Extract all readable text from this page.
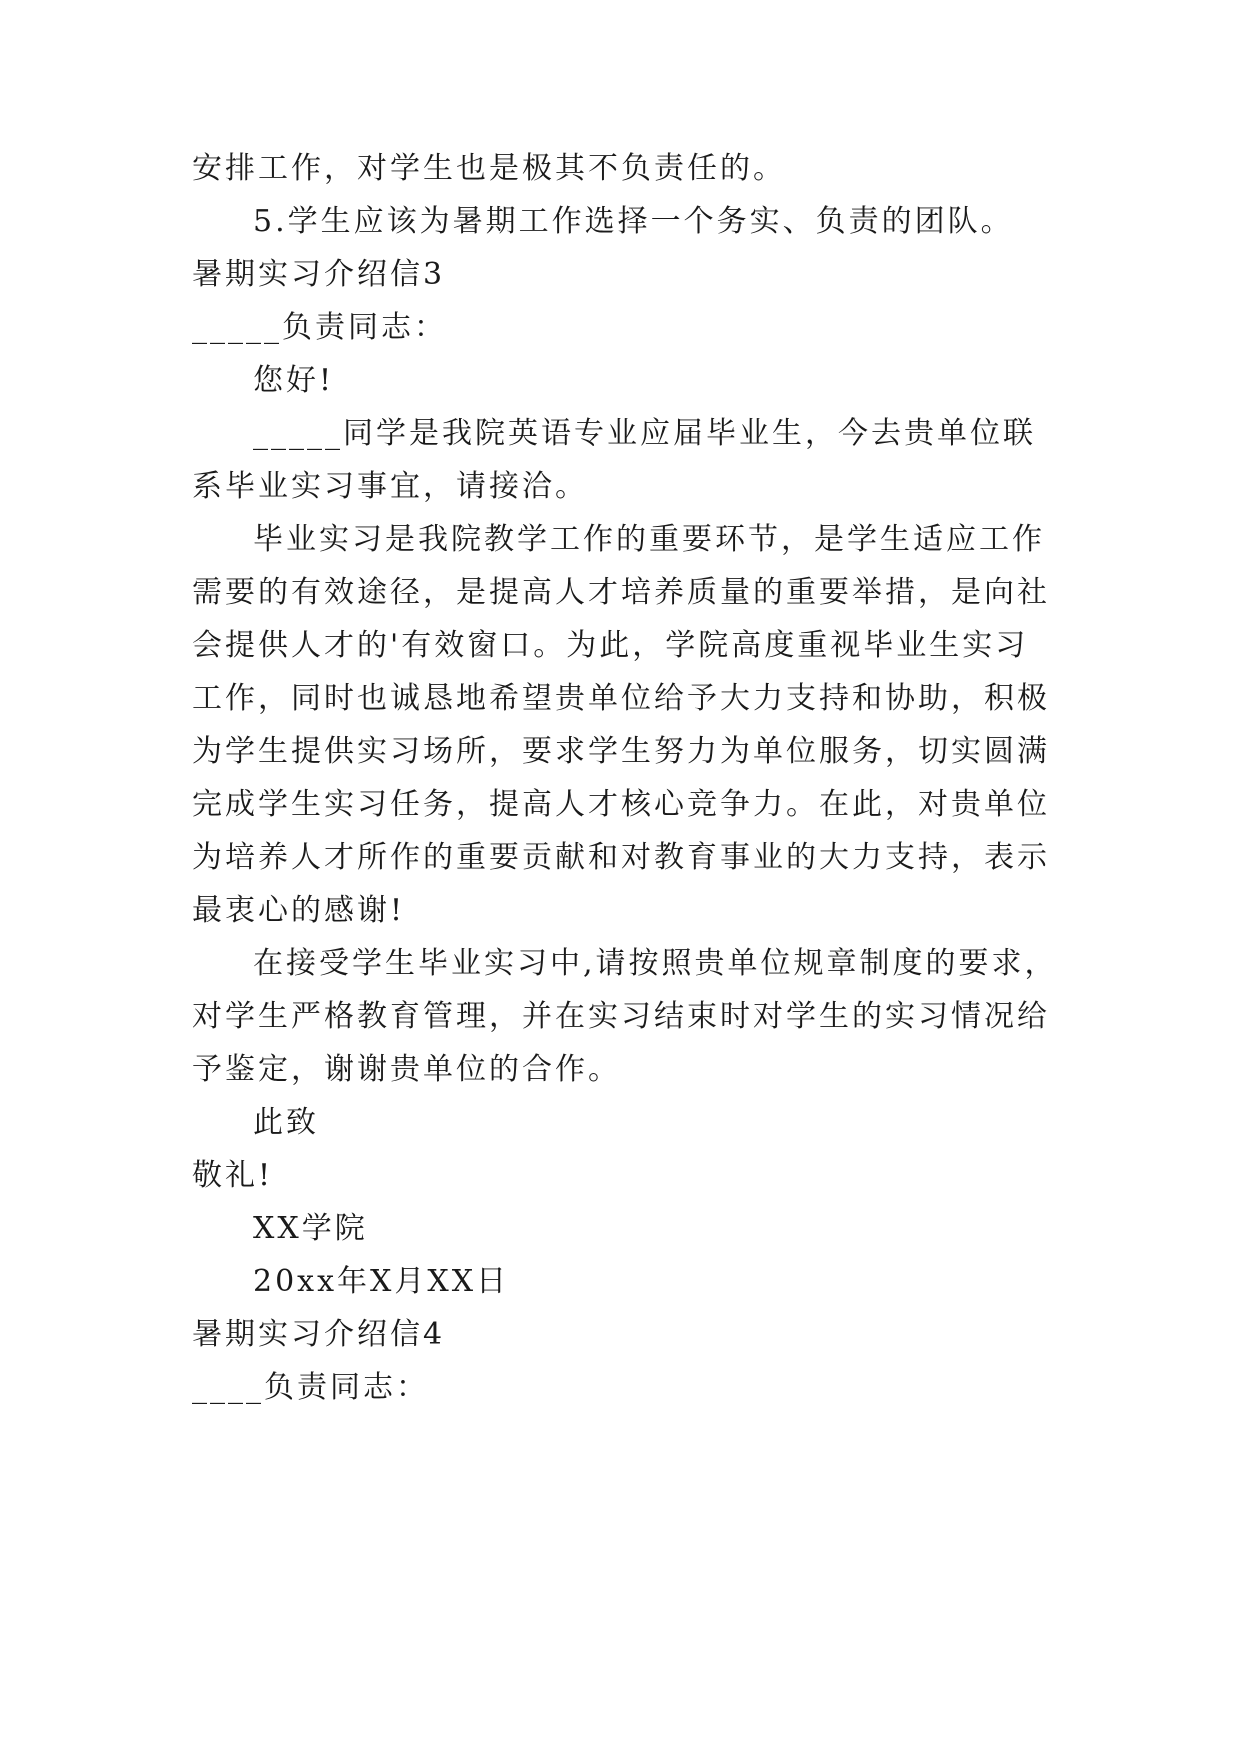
安排工作，对学生也是极其不负责任的。
5.学生应该为暑期工作选择一个务实、负责的团队。
暑期实习介绍信3
_____负责同志：
您好!
_____同学是我院英语专业应届毕业生，今去贵单位联
系毕业实习事宜，请接洽。
毕业实习是我院教学工作的重要环节，是学生适应工作
需要的有效途径，是提高人才培养质量的重要举措，是向社
会提供人才的'有效窗口。为此，学院高度重视毕业生实习
工作，同时也诚恳地希望贵单位给予大力支持和协助，积极
为学生提供实习场所，要求学生努力为单位服务，切实圆满
完成学生实习任务，提高人才核心竞争力。在此，对贵单位
为培养人才所作的重要贡献和对教育事业的大力支持，表示
最衷心的感谢!
在接受学生毕业实习中,请按照贵单位规章制度的要求，
对学生严格教育管理，并在实习结束时对学生的实习情况给
予鉴定，谢谢贵单位的合作。
此致
敬礼!
XX学院
20xx年X月XX日
暑期实习介绍信4
____负责同志：
